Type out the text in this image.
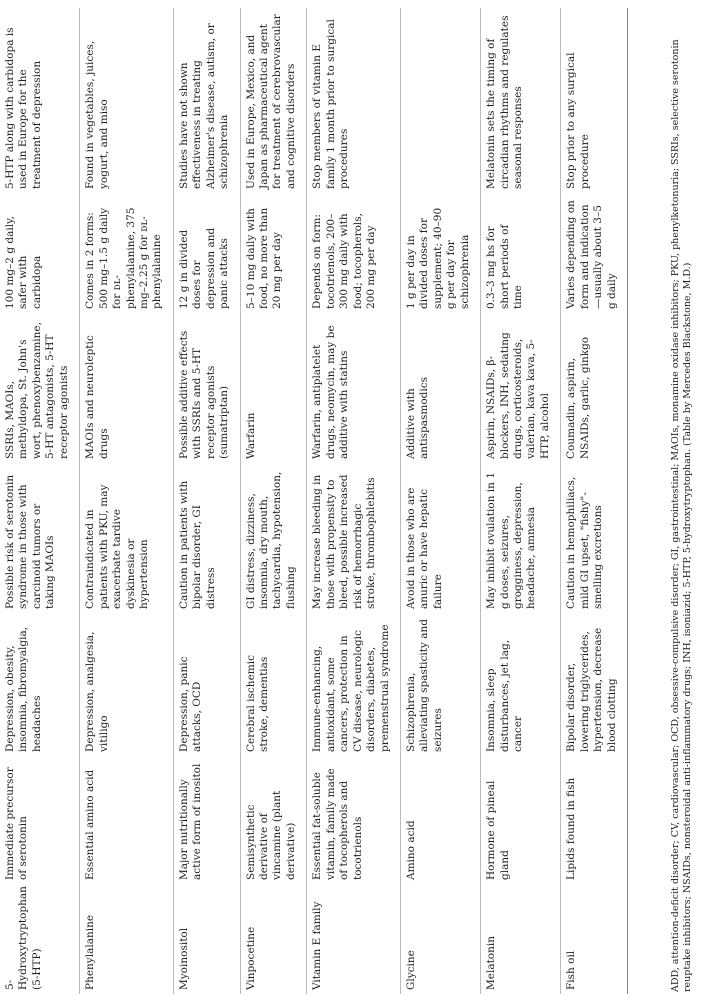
5-Hydroxytryptophan (5-HTP)	Immediate precursor of serotonin	Depression, obesity, insomnia, fibromyalgia, headaches	Possible risk of serotonin syndrome in those with carcinoid tumors or taking MAOIs	SSRIs, MAOIs, methyldopa, St. John's wort, phenoxybenzamine, 5-HT antagonists, 5-HT receptor agonists	100 mg–2 g daily, safer with carbidopa	5-HTP along with carbidopa is used in Europe for the treatment of depression
Phenylalanine	Essential amino acid	Depression, analgesia, vitiligo	Contraindicated in patients with PKU, may exacerbate tardive dyskinesia or hypertension	MAOIs and neuroleptic drugs	Comes in 2 forms: 500 mg–1.5 g daily for ᴅʟ-phenylalanine, 375 mg–2.25 g for ᴅʟ-phenylalanine	Found in vegetables, juices, yogurt, and miso
Myoinositol	Major nutritionally active form of inositol	Depression, panic attacks, OCD	Caution in patients with bipolar disorder, GI distress	Possible additive effects with SSRIs and 5-HT receptor agonists (sumatriptan)	12 g in divided doses for depression and panic attacks	Studies have not shown effectiveness in treating Alzheimer's disease, autism, or schizophrenia
Vinpocetine	Semisynthetic derivative of vincamine (plant derivative)	Cerebral ischemic stroke, dementias	GI distress, dizziness, insomnia, dry mouth, tachycardia, hypotension, flushing	Warfarin	5–10 mg daily with food, no more than 20 mg per day	Used in Europe, Mexico, and Japan as pharmaceutical agent for treatment of cerebrovascular and cognitive disorders
Vitamin E family	Essential fat-soluble vitamin, family made of tocopherols and tocotrienols	Immune-enhancing, antioxidant, some cancers, protection in CV disease, neurologic disorders, diabetes, premenstrual syndrome	May increase bleeding in those with propensity to bleed, possible increased risk of hemorrhagic stroke, thrombophlebitis	Warfarin, antiplatelet drugs, neomycin, may be additive with statins	Depends on form: tocotrienols, 200–300 mg daily with food; tocopherols, 200 mg per day	Stop members of vitamin E family 1 month prior to surgical procedures
Glycine	Amino acid	Schizophrenia, alleviating spasticity and seizures	Avoid in those who are anuric or have hepatic failure	Additive with antispasmodics	1 g per day in divided doses for supplement; 40–90 g per day for schizophrenia	
Melatonin	Hormone of pineal gland	Insomnia, sleep disturbances, jet lag, cancer	May inhibit ovulation in 1 g doses, seizures, grogginess, depression, headache, amnesia	Aspirin, NSAIDs, β-blockers, INH, sedating drugs, corticosteroids, valerian, kava kava, 5-HTP, alcohol	0.3–3 mg hs for short periods of time	Melatonin sets the timing of circadian rhythms and regulates seasonal responses
Fish oil	Lipids found in fish	Bipolar disorder, lowering triglycerides, hypertension, decrease blood clotting	Caution in hemophiliacs, mild GI upset, "fishy"-smelling excretions	Coumadin, aspirin, NSAIDs, garlic, ginkgo	Varies depending on form and indication—usually about 3–5 g daily	Stop prior to any surgical procedure	ADD, attention-deficit disorder; CV, cardiovascular; OCD, obsessive-compulsive disorder; GI, gastrointestinal; MAOIs, monamine oxidase inhibitors; PKU, phenylketonuria; SSRIs, selective serotonin reuptake inhibitors; NSAIDs, nonsteroidal anti-inflammatory drugs; INH, isoniazid; 5-HTP, 5-hydroxytryptophan. (Table by Mercedes Blackstone, M.D.)
